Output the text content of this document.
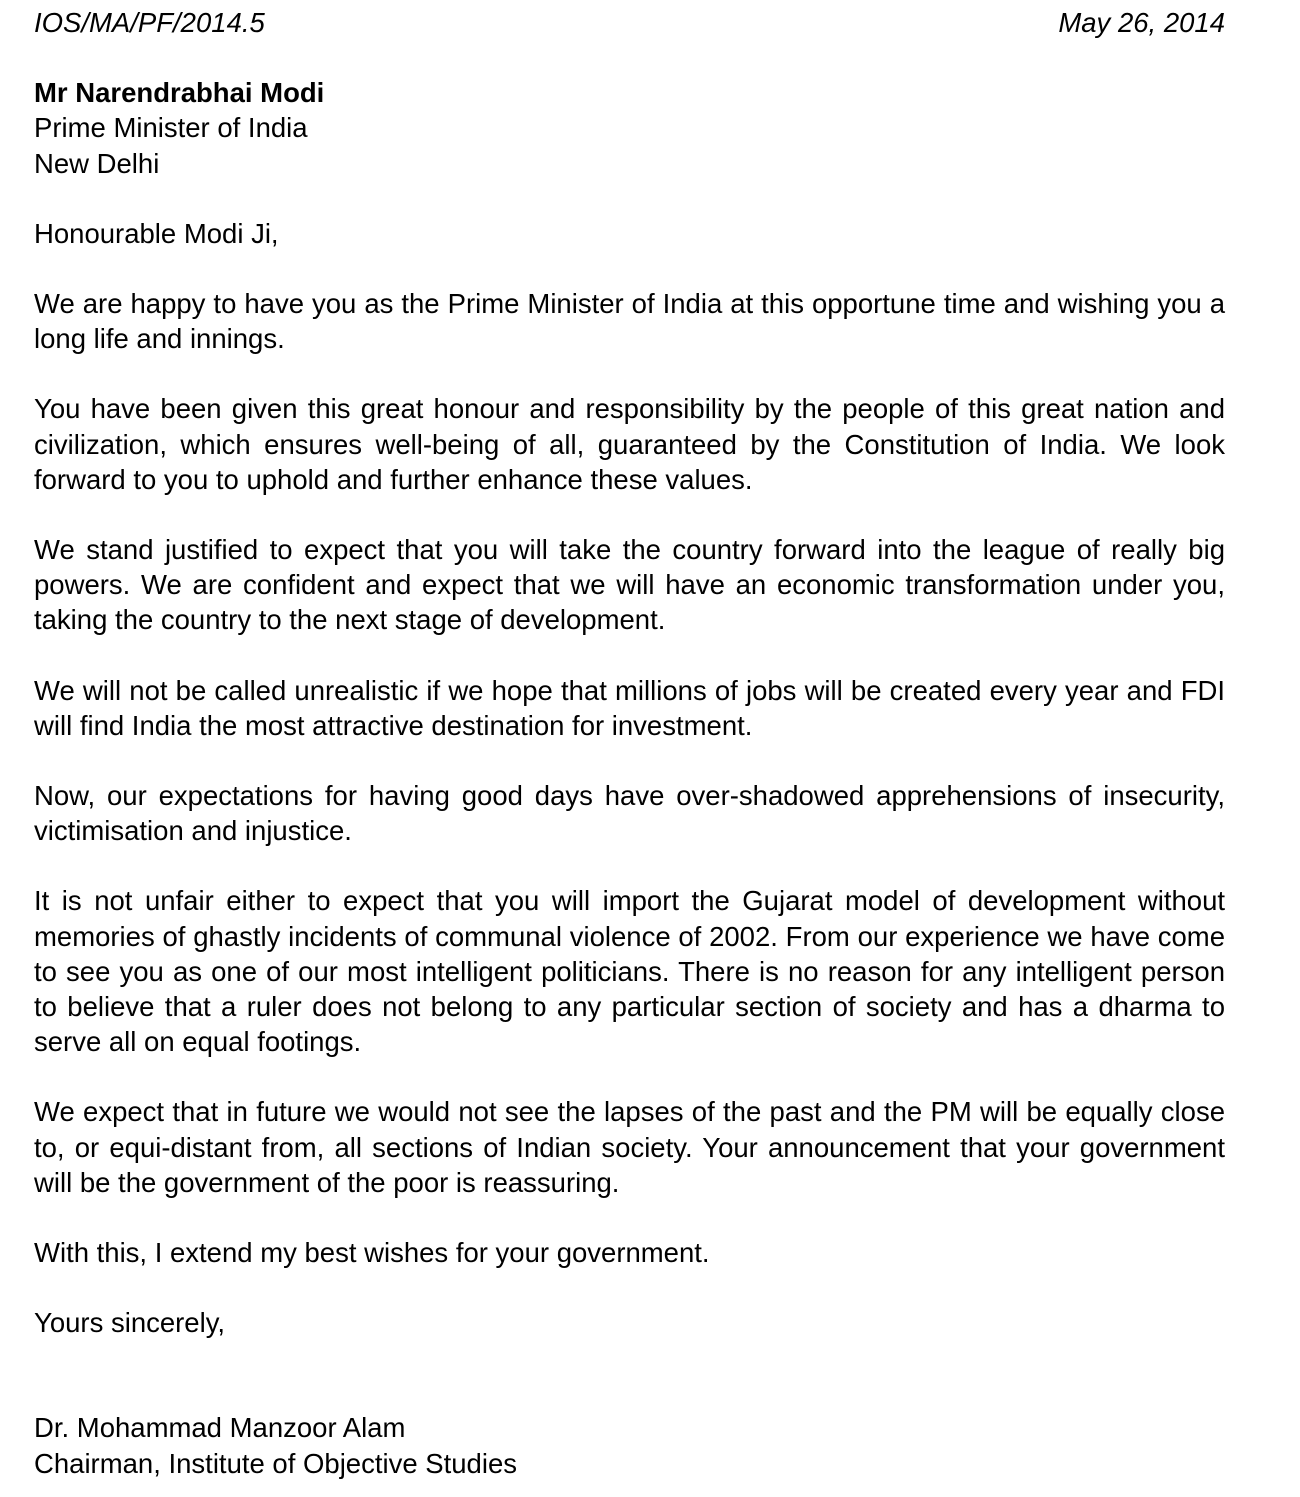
IOS/MA/PF/2014.5	May 26, 2014
Mr Narendrabhai Modi
Prime Minister of India
New Delhi
Honourable Modi Ji,

We are happy to have you as the Prime Minister of India at this opportune time and wishing you a long life and innings.

You have been given this great honour and responsibility by the people of this great nation and civilization, which ensures well-being of all, guaranteed by the Constitution of India. We look forward to you to uphold and further enhance these values.

We stand justified to expect that you will take the country forward into the league of really big powers. We are confident and expect that we will have an economic transformation under you, taking the country to the next stage of development.

We will not be called unrealistic if we hope that millions of jobs will be created every year and FDI will find India the most attractive destination for investment.

Now, our expectations for having good days have over-shadowed apprehensions of insecurity, victimisation and injustice.

It is not unfair either to expect that you will import the Gujarat model of development without memories of ghastly incidents of communal violence of 2002. From our experience we have come to see you as one of our most intelligent politicians. There is no reason for any intelligent person to believe that a ruler does not belong to any particular section of society and has a dharma to serve all on equal footings.

We expect that in future we would not see the lapses of the past and the PM will be equally close to, or equi-distant from, all sections of Indian society. Your announcement that your government will be the government of the poor is reassuring.

With this, I extend my best wishes for your government.

Yours sincerely,
Dr. Mohammad Manzoor Alam
Chairman, Institute of Objective Studies
